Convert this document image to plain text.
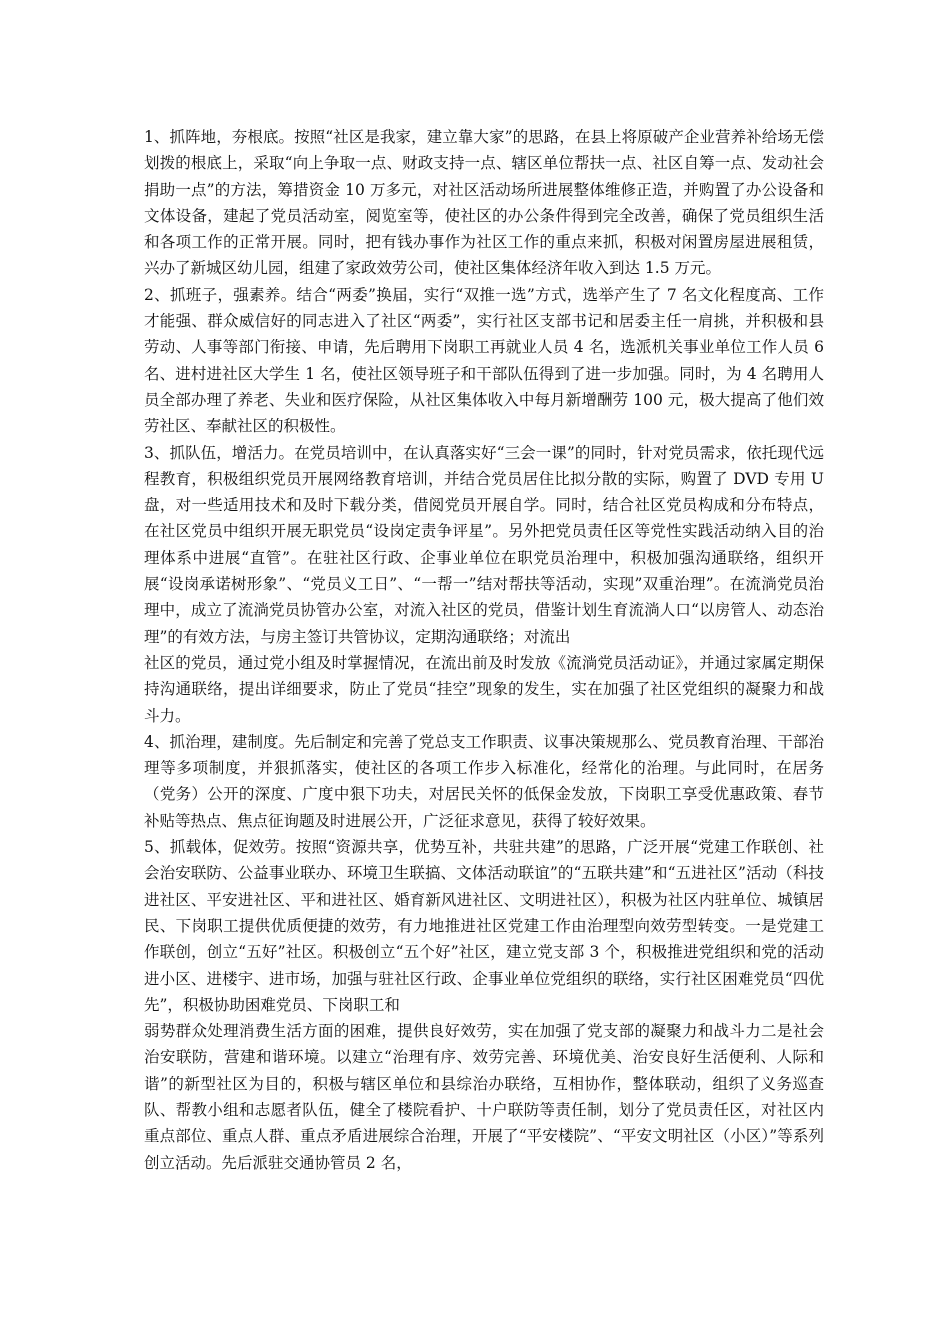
1、抓阵地，夯根底。按照“社区是我家，建立靠大家”的思路，在县上将原破产企业营养补给场无偿划拨的根底上，采取“向上争取一点、财政支持一点、辖区单位帮扶一点、社区自筹一点、发动社会捐助一点”的方法，筹措资金 10 万多元，对社区活动场所进展整体维修正造，并购置了办公设备和文体设备，建起了党员活动室，阅览室等，使社区的办公条件得到完全改善，确保了党员组织生活和各项工作的正常开展。同时，把有钱办事作为社区工作的重点来抓，积极对闲置房屋进展租赁，兴办了新城区幼儿园，组建了家政效劳公司，使社区集体经济年收入到达 1.5 万元。

2、抓班子，强素养。结合“两委”换届，实行“双推一选”方式，选举产生了 7 名文化程度高、工作才能强、群众威信好的同志进入了社区“两委”，实行社区支部书记和居委主任一肩挑，并积极和县劳动、人事等部门衔接、申请，先后聘用下岗职工再就业人员 4 名，选派机关事业单位工作人员 6 名、进村进社区大学生 1 名，使社区领导班子和干部队伍得到了进一步加强。同时，为 4 名聘用人员全部办理了养老、失业和医疗保险，从社区集体收入中每月新增酬劳 100 元，极大提高了他们效劳社区、奉献社区的积极性。

3、抓队伍，增活力。在党员培训中，在认真落实好“三会一课”的同时，针对党员需求，依托现代远程教育，积极组织党员开展网络教育培训，并结合党员居住比拟分散的实际，购置了 DVD 专用 U 盘，对一些适用技术和及时下载分类，借阅党员开展自学。同时，结合社区党员构成和分布特点，在社区党员中组织开展无职党员“设岗定责争评星”。另外把党员责任区等党性实践活动纳入目的治理体系中进展“直管”。在驻社区行政、企事业单位在职党员治理中，积极加强沟通联络，组织开展“设岗承诺树形象”、“党员义工日”、“一帮一”结对帮扶等活动，实现”双重治理”。在流淌党员治理中，成立了流淌党员协管办公室，对流入社区的党员，借鉴计划生育流淌人口“以房管人、动态治理”的有效方法，与房主签订共管协议，定期沟通联络；对流出

社区的党员，通过党小组及时掌握情况，在流出前及时发放《流淌党员活动证》，并通过家属定期保持沟通联络，提出详细要求，防止了党员“挂空”现象的发生，实在加强了社区党组织的凝聚力和战斗力。

4、抓治理，建制度。先后制定和完善了党总支工作职责、议事决策规那么、党员教育治理、干部治理等多项制度，并狠抓落实，使社区的各项工作步入标准化，经常化的治理。与此同时，在居务（党务）公开的深度、广度中狠下功夫，对居民关怀的低保金发放，下岗职工享受优惠政策、春节补贴等热点、焦点征询题及时进展公开，广泛征求意见，获得了较好效果。

5、抓载体，促效劳。按照“资源共享，优势互补，共驻共建”的思路，广泛开展“党建工作联创、社会治安联防、公益事业联办、环境卫生联搞、文体活动联谊”的“五联共建”和“五进社区”活动（科技进社区、平安进社区、平和进社区、婚育新风进社区、文明进社区），积极为社区内驻单位、城镇居民、下岗职工提供优质便捷的效劳，有力地推进社区党建工作由治理型向效劳型转变。一是党建工作联创，创立“五好”社区。积极创立“五个好”社区，建立党支部 3 个，积极推进党组织和党的活动进小区、进楼宇、进市场，加强与驻社区行政、企事业单位党组织的联络，实行社区困难党员“四优先”，积极协助困难党员、下岗职工和

弱势群众处理消费生活方面的困难，提供良好效劳，实在加强了党支部的凝聚力和战斗力二是社会治安联防，营建和谐环境。以建立“治理有序、效劳完善、环境优美、治安良好生活便利、人际和谐”的新型社区为目的，积极与辖区单位和县综治办联络，互相协作，整体联动，组织了义务巡查队、帮教小组和志愿者队伍，健全了楼院看护、十户联防等责任制，划分了党员责任区，对社区内重点部位、重点人群、重点矛盾进展综合治理，开展了“平安楼院”、“平安文明社区（小区）”等系列创立活动。先后派驻交通协管员 2 名，
